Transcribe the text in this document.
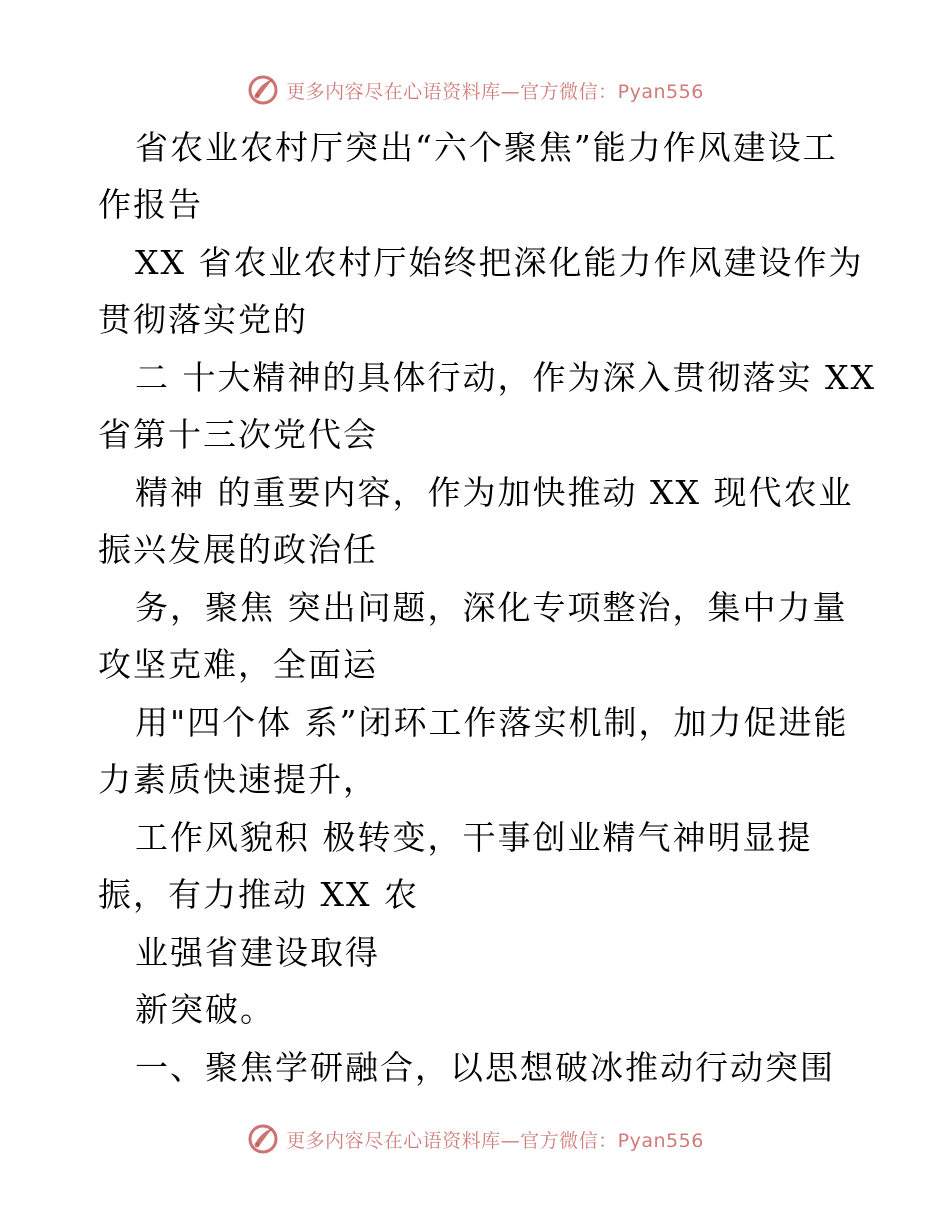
更多内容尽在心语资料库—官方微信：Pyan556
省农业农村厅突出“六个聚焦”能力作风建设工
作报告
XX 省农业农村厅始终把深化能力作风建设作为
贯彻落实党的
二 十大精神的具体行动，作为深入贯彻落实 XX
省第十三次党代会
精神 的重要内容，作为加快推动 XX 现代农业
振兴发展的政治任
务，聚焦 突出问题，深化专项整治，集中力量
攻坚克难，全面运
用"四个体 系”闭环工作落实机制，加力促进能
力素质快速提升，
工作风貌积 极转变，干事创业精气神明显提
振，有力推动 XX 农
业强省建设取得
新突破。
一、聚焦学研融合，以思想破冰推动行动突围
更多内容尽在心语资料库—官方微信：Pyan556
